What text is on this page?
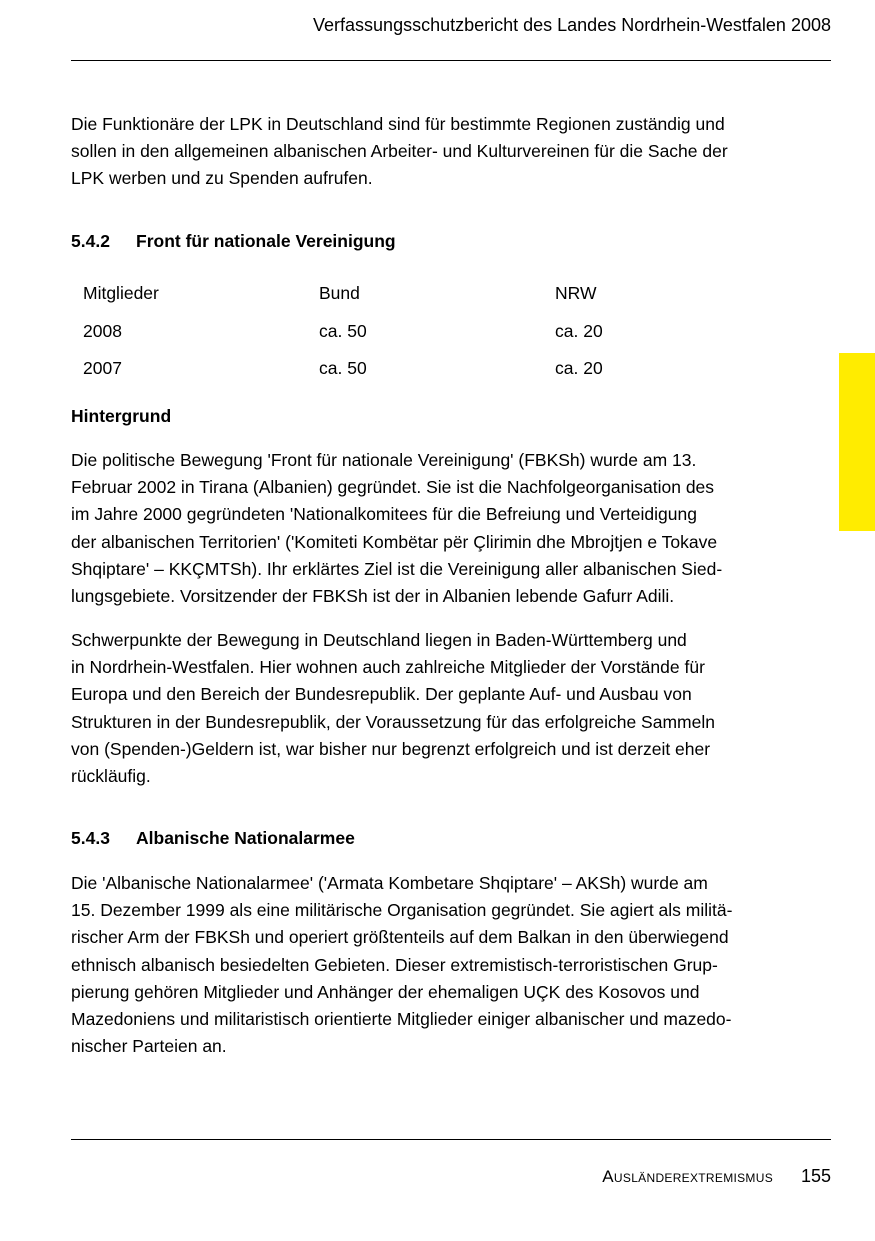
Verfassungsschutzbericht des Landes Nordrhein-Westfalen 2008
Die Funktionäre der LPK in Deutschland sind für bestimmte Regionen zuständig und
sollen in den allgemeinen albanischen Arbeiter- und Kulturvereinen für die Sache der
LPK werben und zu Spenden aufrufen.
5.4.2 Front für nationale Vereinigung
Mitglieder	Bund	NRW
2008	ca. 50	ca. 20
2007	ca. 50	ca. 20
Hintergrund
Die politische Bewegung 'Front für nationale Vereinigung' (FBKSh) wurde am 13.
Februar 2002 in Tirana (Albanien) gegründet. Sie ist die Nachfolgeorganisation des
im Jahre 2000 gegründeten 'Nationalkomitees für die Befreiung und Verteidigung
der albanischen Territorien' ('Komiteti Kombëtar për Çlirimin dhe Mbrojtjen e Tokave
Shqiptare' – KKÇMTSh). Ihr erklärtes Ziel ist die Vereinigung aller albanischen Sied-
lungsgebiete. Vorsitzender der FBKSh ist der in Albanien lebende Gafurr Adili.
Schwerpunkte der Bewegung in Deutschland liegen in Baden-Württemberg und
in Nordrhein-Westfalen. Hier wohnen auch zahlreiche Mitglieder der Vorstände für
Europa und den Bereich der Bundesrepublik. Der geplante Auf- und Ausbau von
Strukturen in der Bundesrepublik, der Voraussetzung für das erfolgreiche Sammeln
von (Spenden-)Geldern ist, war bisher nur begrenzt erfolgreich und ist derzeit eher
rückläufig.
5.4.3 Albanische Nationalarmee
Die 'Albanische Nationalarmee' ('Armata Kombetare Shqiptare' – AKSh) wurde am
15. Dezember 1999 als eine militärische Organisation gegründet. Sie agiert als militä-
rischer Arm der FBKSh und operiert größtenteils auf dem Balkan in den überwiegend
ethnisch albanisch besiedelten Gebieten. Dieser extremistisch-terroristischen Grup-
pierung gehören Mitglieder und Anhänger der ehemaligen UÇK des Kosovos und
Mazedoniens und militaristisch orientierte Mitglieder einiger albanischer und mazedo-
nischer Parteien an.
Ausländerextremismus 155
